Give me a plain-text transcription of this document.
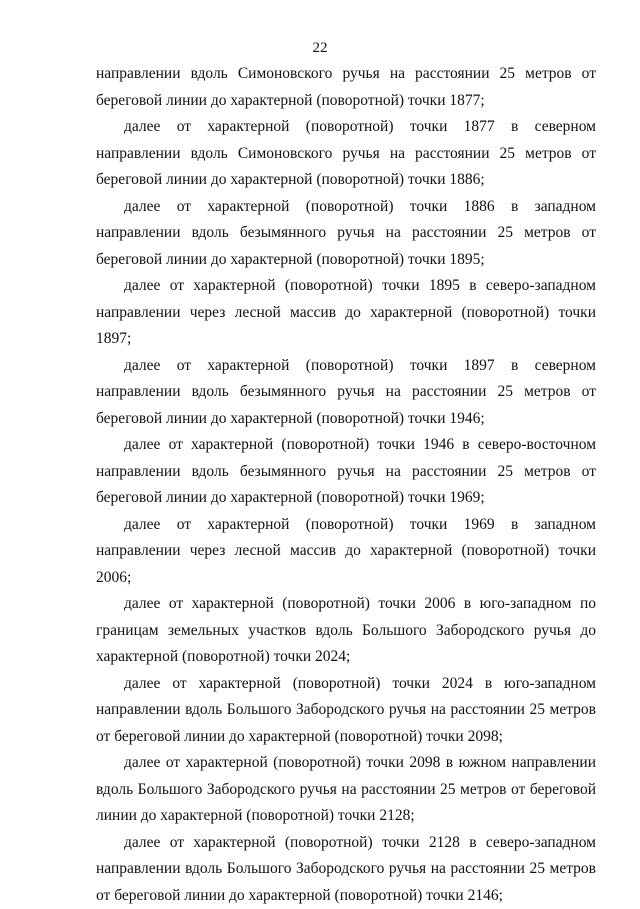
22

направлении вдоль Симоновского ручья на расстоянии 25 метров от береговой линии до характерной (поворотной) точки 1877;

далее от характерной (поворотной) точки 1877 в северном направлении вдоль Симоновского ручья на расстоянии 25 метров от береговой линии до характерной (поворотной) точки 1886;

далее от характерной (поворотной) точки 1886 в западном направлении вдоль безымянного ручья на расстоянии 25 метров от береговой линии до характерной (поворотной) точки 1895;

далее от характерной (поворотной) точки 1895 в северо-западном направлении через лесной массив до характерной (поворотной) точки 1897;

далее от характерной (поворотной) точки 1897 в северном направлении вдоль безымянного ручья на расстоянии 25 метров от береговой линии до характерной (поворотной) точки 1946;

далее от характерной (поворотной) точки 1946 в северо-восточном направлении вдоль безымянного ручья на расстоянии 25 метров от береговой линии до характерной (поворотной) точки 1969;

далее от характерной (поворотной) точки 1969 в западном направлении через лесной массив до характерной (поворотной) точки 2006;

далее от характерной (поворотной) точки 2006 в юго-западном по границам земельных участков вдоль Большого Забородского ручья до характерной (поворотной) точки 2024;

далее от характерной (поворотной) точки 2024 в юго-западном направлении вдоль Большого Забородского ручья на расстоянии 25 метров от береговой линии до характерной (поворотной) точки 2098;

далее от характерной (поворотной) точки 2098 в южном направлении вдоль Большого Забородского ручья на расстоянии 25 метров от береговой линии до характерной (поворотной) точки 2128;

далее от характерной (поворотной) точки 2128 в северо-западном направлении вдоль Большого Забородского ручья на расстоянии 25 метров от береговой линии до характерной (поворотной) точки 2146;
